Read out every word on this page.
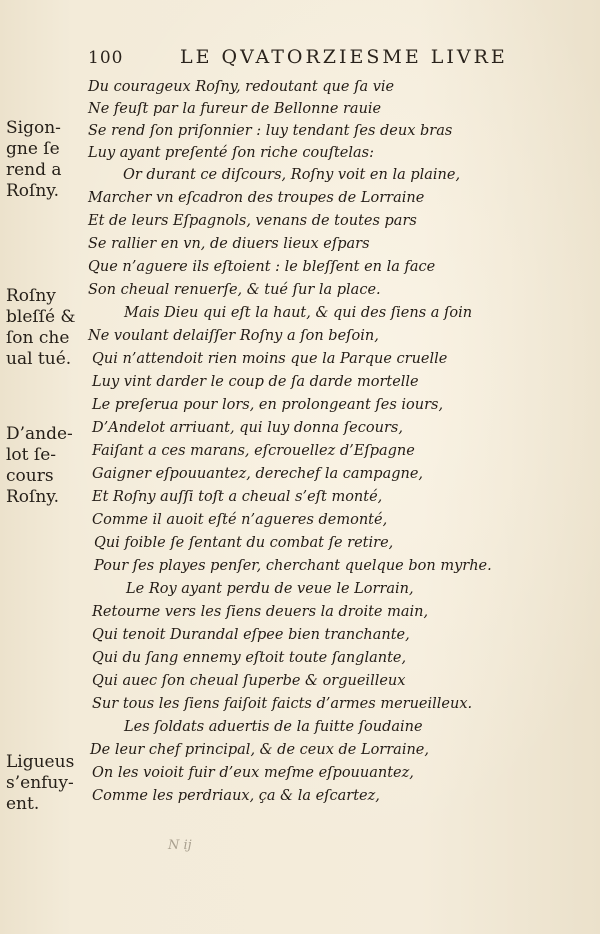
100	LE QVATORZIESME LIVRE
Sigon-
gne ſe
rend a
Roſny.
Roſny
bleſſé &
ſon che
ual tué.
D’ande-
lot ſe-
cours
Roſny.
Ligueus
s’enfuy-
ent.
Du courageux Roſny, redoutant que ſa vie
Ne feuſt par la fureur de Bellonne rauie
Se rend ſon priſonnier : luy tendant ſes deux bras
Luy ayant preſenté ſon riche couſtelas:
Or durant ce diſcours, Roſny voit en la plaine,
Marcher vn eſcadron des troupes de Lorraine
Et de leurs Eſpagnols, venans de toutes pars
Se rallier en vn, de diuers lieux eſpars
Que n’aguere ils eſtoient : le bleſſent en la face
Son cheual renuerſe, & tué ſur la place.
Mais Dieu qui eſt la haut, & qui des ſiens a ſoin
Ne voulant delaiſſer Roſny a ſon beſoin,
Qui n’attendoit rien moins que la Parque cruelle
Luy vint darder le coup de ſa darde mortelle
Le preſerua pour lors, en prolongeant ſes iours,
D’Andelot arriuant, qui luy donna ſecours,
Faiſant a ces marans, eſcrouellez d’Eſpagne
Gaigner eſpouuantez, derechef la campagne,
Et Roſny auſſi toſt a cheual s’eſt monté,
Comme il auoit eſté n’agueres demonté,
Qui foible ſe ſentant du combat ſe retire,
Pour ſes playes penſer, cherchant quelque bon myrhe.
Le Roy ayant perdu de veue le Lorrain,
Retourne vers les ſiens deuers la droite main,
Qui tenoit Durandal eſpee bien tranchante,
Qui du ſang ennemy eſtoit toute ſanglante,
Qui auec ſon cheual ſuperbe & orgueilleux
Sur tous les ſiens faiſoit faicts d’armes merueilleux.
Les ſoldats aduertis de la fuitte ſoudaine
De leur chef principal, & de ceux de Lorraine,
On les voioit fuir d’eux meſme eſpouuantez,
Comme les perdriaux, ça & la eſcartez,
N ij
